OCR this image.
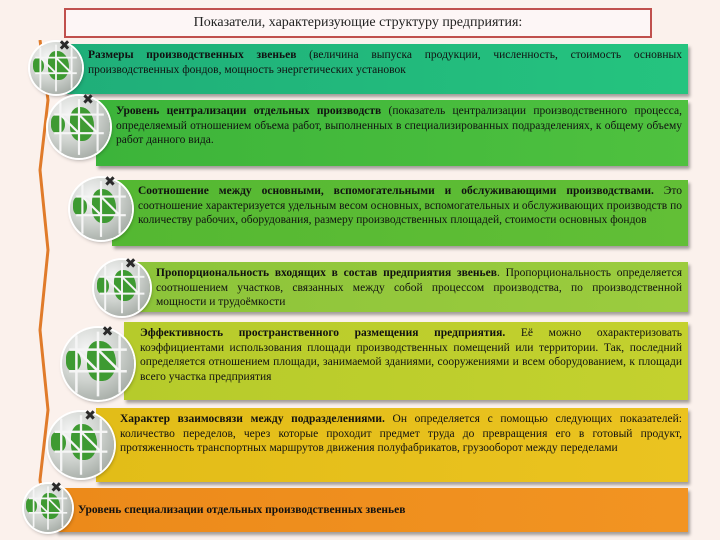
Показатели, характеризующие структуру предприятия:
Размеры производственных звеньев (величина выпуска продукции, численность, стоимость основных производственных фондов, мощность энергетических установок
Уровень централизации отдельных производств (показатель централизации производственного процесса, определяемый отношением объема работ, выполненных в специализированных подразделениях, к общему объему работ данного вида.
Соотношение между основными, вспомогательными и обслуживающими производствами. Это соотношение характеризуется удельным весом основных, вспомогательных и обслуживающих производств по количеству рабочих, оборудования, размеру производственных площадей, стоимости основных фондов
Пропорциональность входящих в состав предприятия звеньев. Пропорциональность определяется соотношением участков, связанных между собой процессом производства, по производственной мощности и трудоёмкости
Эффективность пространственного размещения предприятия. Её можно охарактеризовать коэффициентами использования площади производственных помещений или территории. Так, последний определяется отношением площади, занимаемой зданиями, сооружениями и всем оборудованием, к площади всего участка предприятия
Характер взаимосвязи между подразделениями. Он определяется с помощью следующих показателей: количество переделов, через которые проходит предмет труда до превращения его в готовый продукт, протяженность транспортных маршрутов движения полуфабрикатов, грузооборот между переделами
Уровень специализации отдельных производственных звеньев
✖
✖
✖
✖
✖
✖
✖
